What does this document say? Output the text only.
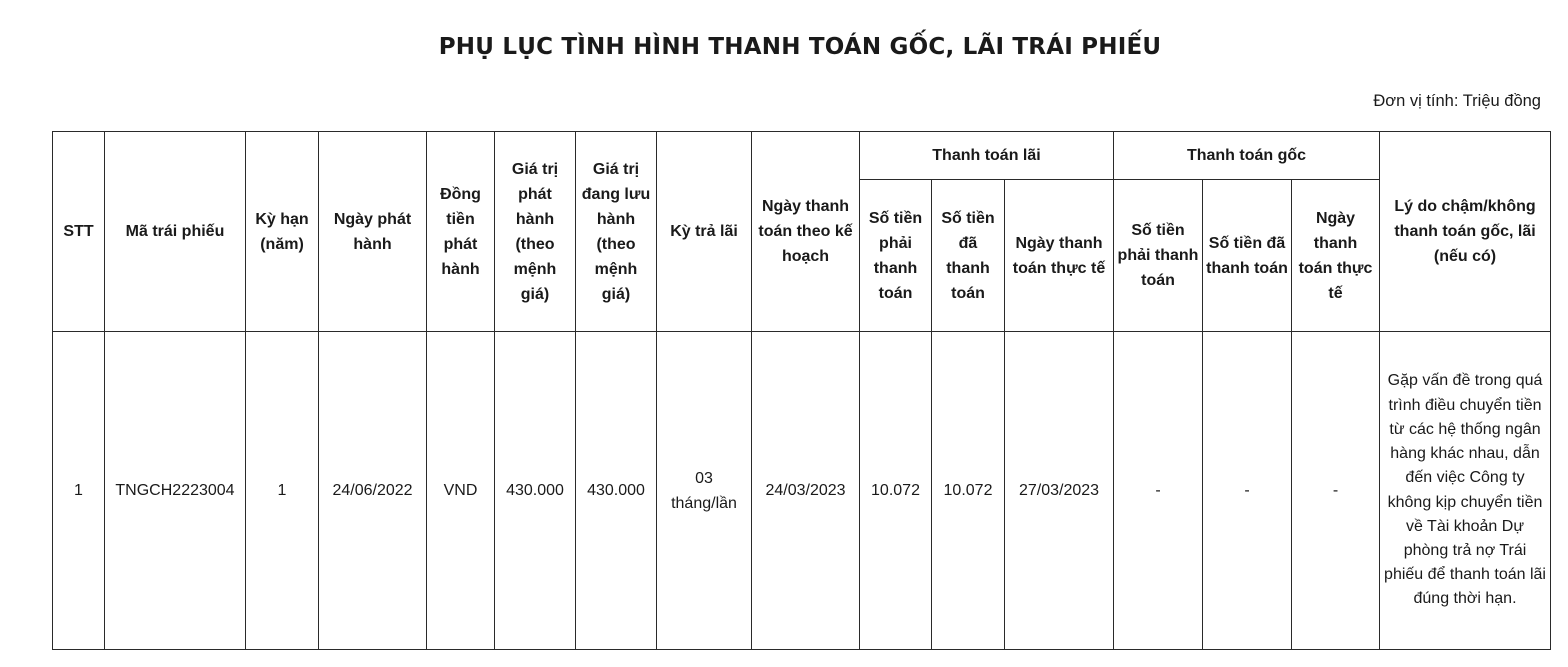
PHỤ LỤC TÌNH HÌNH THANH TOÁN GỐC, LÃI TRÁI PHIẾU
Đơn vị tính: Triệu đồng
STT	Mã trái phiếu	Kỳ hạn (năm)	Ngày phát hành	Đồng tiền phát hành	Giá trị phát hành (theo mệnh giá)	Giá trị đang lưu hành (theo mệnh giá)	Kỳ trả lãi	Ngày thanh toán theo kế hoạch	Thanh toán lãi			Thanh toán gốc			Lý do chậm/không thanh toán gốc, lãi (nếu có)
									Số tiền phải thanh toán	Số tiền đã thanh toán	Ngày thanh toán thực tế	Số tiền phải thanh toán	Số tiền đã thanh toán	Ngày thanh toán thực tế	
1	TNGCH2223004	1	24/06/2022	VND	430.000	430.000	03 tháng/lần	24/03/2023	10.072	10.072	27/03/2023	-	-	-	Gặp vấn đề trong quá trình điều chuyển tiền từ các hệ thống ngân hàng khác nhau, dẫn đến việc Công ty không kịp chuyển tiền về Tài khoản Dự phòng trả nợ Trái phiếu để thanh toán lãi đúng thời hạn.
